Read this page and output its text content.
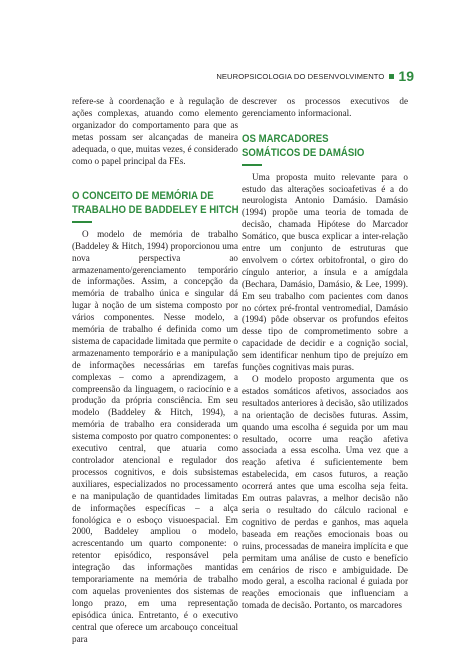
NEUROPSICOLOGIA DO DESENVOLVIMENTO 19

refere-se à coordenação e à regulação de ações complexas, atuando como elemento organizador do comportamento para que as metas possam ser alcançadas de maneira adequada, o que, muitas vezes, é considerado como o papel principal da FEs.

O CONCEITO DE MEMÓRIA DE
TRABALHO DE BADDELEY E HITCH

O modelo de memória de trabalho (Baddeley & Hitch, 1994) proporcionou uma nova perspectiva ao armazenamento/gerenciamento temporário de informações. Assim, a concepção da memória de trabalho única e singular dá lugar à noção de um sistema composto por vários componentes. Nesse modelo, a memória de trabalho é definida como um sistema de capacidade limitada que permite o armazenamento temporário e a manipulação de informações necessárias em tarefas complexas – como a aprendizagem, a compreensão da linguagem, o raciocínio e a produção da própria consciência. Em seu modelo (Baddeley & Hitch, 1994), a memória de trabalho era considerada um sistema composto por quatro componentes: o executivo central, que atuaria como controlador atencional e regulador dos processos cognitivos, e dois subsistemas auxiliares, especializados no processamento e na manipulação de quantidades limitadas de informações específicas – a alça fonológica e o esboço visuoespacial. Em 2000, Baddeley ampliou o modelo, acrescentando um quarto componente: o retentor episódico, responsável pela integração das informações mantidas temporariamente na memória de trabalho com aquelas provenientes dos sistemas de longo prazo, em uma representação episódica única. Entretanto, é o executivo central que oferece um arcabouço conceitual para

descrever os processos executivos de gerenciamento informacional.

OS MARCADORES
SOMÁTICOS DE DAMÁSIO

Uma proposta muito relevante para o estudo das alterações socioafetivas é a do neurologista Antonio Damásio. Damásio (1994) propõe uma teoria de tomada de decisão, chamada Hipótese do Marcador Somático, que busca explicar a inter-relação entre um conjunto de estruturas que envolvem o córtex orbitofrontal, o giro do cíngulo anterior, a ínsula e a amígdala (Bechara, Damásio, Damásio, & Lee, 1999). Em seu trabalho com pacientes com danos no córtex pré-frontal ventromedial, Damásio (1994) pôde observar os profundos efeitos desse tipo de comprometimento sobre a capacidade de decidir e a cognição social, sem identificar nenhum tipo de prejuízo em funções cognitivas mais puras.

O modelo proposto argumenta que os estados somáticos afetivos, associados aos resultados anteriores à decisão, são utilizados na orientação de decisões futuras. Assim, quando uma escolha é seguida por um mau resultado, ocorre uma reação afetiva associada a essa escolha. Uma vez que a reação afetiva é suficientemente bem estabelecida, em casos futuros, a reação ocorrerá antes que uma escolha seja feita. Em outras palavras, a melhor decisão não seria o resultado do cálculo racional e cognitivo de perdas e ganhos, mas aquela baseada em reações emocionais boas ou ruins, processadas de maneira implícita e que permitam uma análise de custo e benefício em cenários de risco e ambiguidade. De modo geral, a escolha racional é guiada por reações emocionais que influenciam a tomada de decisão. Portanto, os marcadores
